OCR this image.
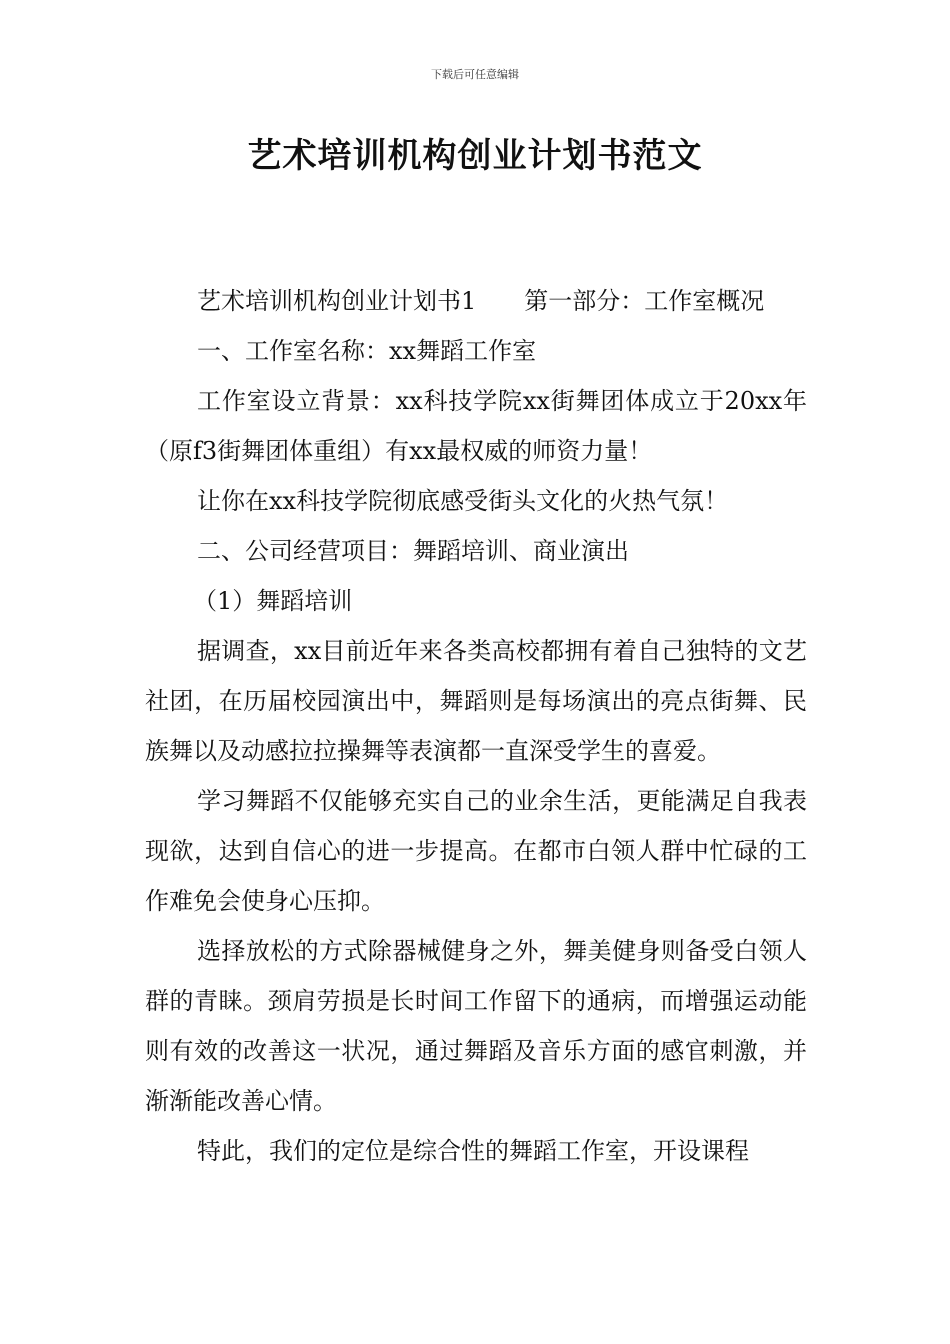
下载后可任意编辑
艺术培训机构创业计划书范文

艺术培训机构创业计划书1　　第一部分：工作室概况

一、工作室名称：xx舞蹈工作室

工作室设立背景：xx科技学院xx街舞团体成立于20xx年（原f3街舞团体重组）有xx最权威的师资力量！

让你在xx科技学院彻底感受街头文化的火热气氛！

二、公司经营项目：舞蹈培训、商业演出

（1）舞蹈培训

据调查，xx目前近年来各类高校都拥有着自己独特的文艺社团，在历届校园演出中，舞蹈则是每场演出的亮点街舞、民族舞以及动感拉拉操舞等表演都一直深受学生的喜爱。

学习舞蹈不仅能够充实自己的业余生活，更能满足自我表现欲，达到自信心的进一步提高。在都市白领人群中忙碌的工作难免会使身心压抑。

选择放松的方式除器械健身之外，舞美健身则备受白领人群的青睐。颈肩劳损是长时间工作留下的通病，而增强运动能则有效的改善这一状况，通过舞蹈及音乐方面的感官刺激，并渐渐能改善心情。

特此，我们的定位是综合性的舞蹈工作室，开设课程
